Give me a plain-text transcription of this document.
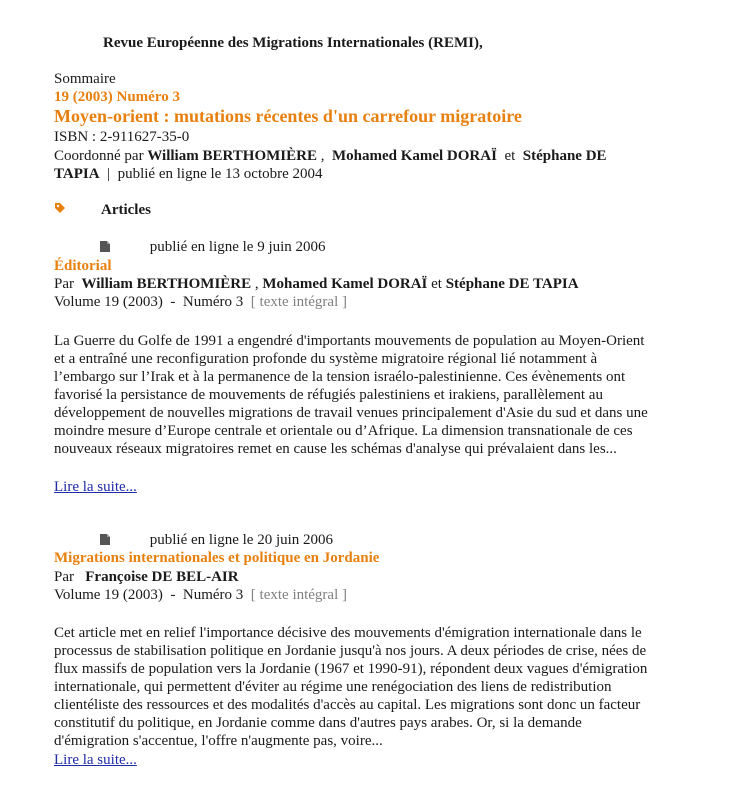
Revue Européenne des Migrations Internationales (REMI),
Sommaire
19 (2003) Numéro 3
Moyen-orient : mutations récentes d'un carrefour migratoire
ISBN : 2-911627-35-0
Coordonné par William BERTHOMIÈRE , Mohamed Kamel DORAÏ et Stéphane DE TAPIA | publié en ligne le 13 octobre 2004
Articles
publié en ligne le 9 juin 2006
Éditorial
Par William BERTHOMIÈRE , Mohamed Kamel DORAÏ et Stéphane DE TAPIA
Volume 19 (2003) - Numéro 3 [ texte intégral ]
La Guerre du Golfe de 1991 a engendré d'importants mouvements de population au Moyen-Orient et a entraîné une reconfiguration profonde du système migratoire régional lié notamment à l’embargo sur l’Irak et à la permanence de la tension israélo-palestinienne. Ces évènements ont favorisé la persistance de mouvements de réfugiés palestiniens et irakiens, parallèlement au développement de nouvelles migrations de travail venues principalement d'Asie du sud et dans une moindre mesure d’Europe centrale et orientale ou d’Afrique. La dimension transnationale de ces nouveaux réseaux migratoires remet en cause les schémas d'analyse qui prévalaient dans les...
Lire la suite...
publié en ligne le 20 juin 2006
Migrations internationales et politique en Jordanie
Par Françoise DE BEL-AIR
Volume 19 (2003) - Numéro 3 [ texte intégral ]
Cet article met en relief l'importance décisive des mouvements d'émigration internationale dans le processus de stabilisation politique en Jordanie jusqu'à nos jours. A deux périodes de crise, nées de flux massifs de population vers la Jordanie (1967 et 1990-91), répondent deux vagues d'émigration internationale, qui permettent d'éviter au régime une renégociation des liens de redistribution clientéliste des ressources et des modalités d'accès au capital. Les migrations sont donc un facteur constitutif du politique, en Jordanie comme dans d'autres pays arabes. Or, si la demande d'émigration s'accentue, l'offre n'augmente pas, voire...
Lire la suite...
